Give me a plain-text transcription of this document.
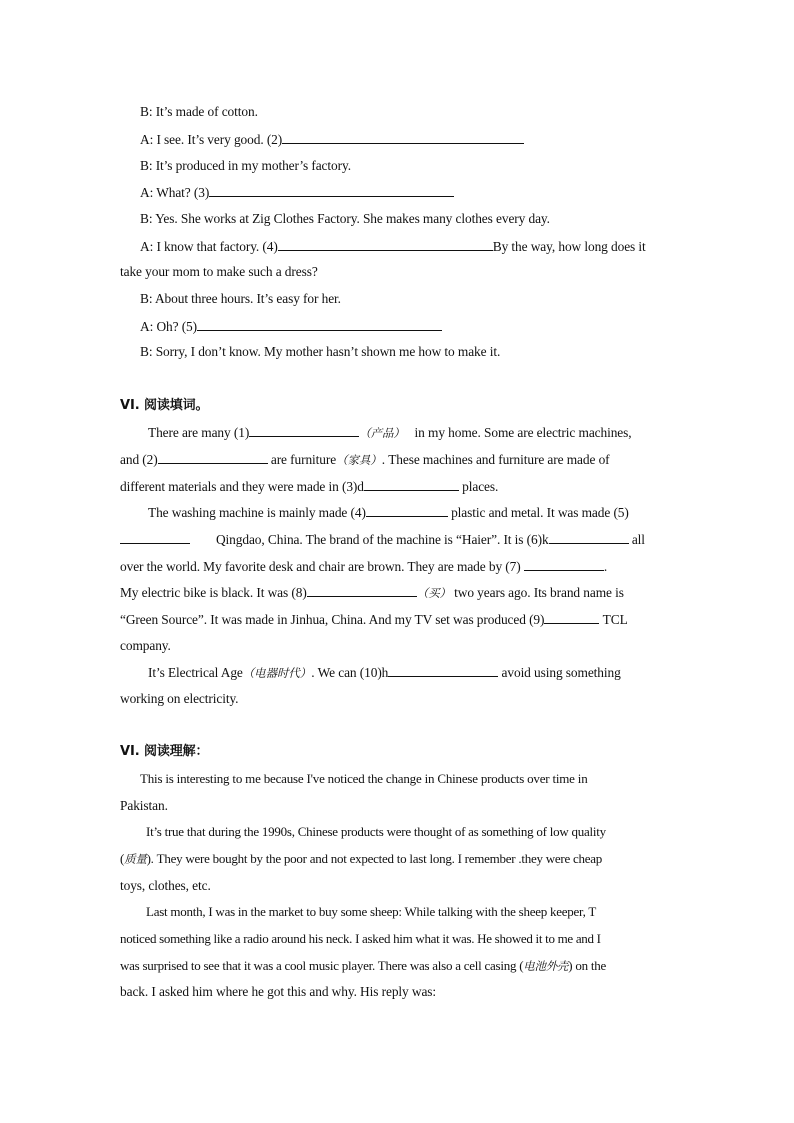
B: It’s made of cotton.
A: I see. It’s very good. (2)
B: It’s produced in my mother’s factory.
A: What? (3)
B: Yes. She works at Zig Clothes Factory. She makes many clothes every day.
A: I know that factory. (4)	By the way, how long does it
take your mom to make such a dress?
B: About three hours. It’s easy for her.
A: Oh? (5)
B: Sorry, I don’t know. My mother hasn’t shown me how to make it.
VI. 阅读填词。
There are many (1)	（产品） in my home. Some are electric machines,
and (2)	are furniture（家具）. These machines and furniture are made of
different materials and they were made in (3)d	places.
The washing machine is mainly made (4)	plastic and metal. It was made (5)
Qingdao, China. The brand of the machine is “Haier”. It is (6)k	all
over the world. My favorite desk and chair are brown. They are made by (7)	.
My electric bike is black. It was (8)	（买） two years ago. Its brand name is
“Green Source”. It was made in Jinhua, China. And my TV set was produced (9)	TCL
company.
It’s Electrical Age（电器时代）. We can (10)h	avoid using something
working on electricity.
VI. 阅读理解：
This is interesting to me because I've noticed the change in Chinese products over time in
Pakistan.
It’s true that during the 1990s, Chinese products were thought of as something of low quality
(质量). They were bought by the poor and not expected to last long. I remember .they were cheap
toys, clothes, etc.
Last month, I was in the market to buy some sheep: While talking with the sheep keeper, T
noticed something like a radio around his neck. I asked him what it was. He showed it to me and I
was surprised to see that it was a cool music player. There was also a cell casing (电池外壳) on the
back. I asked him where he got this and why. His reply was:
